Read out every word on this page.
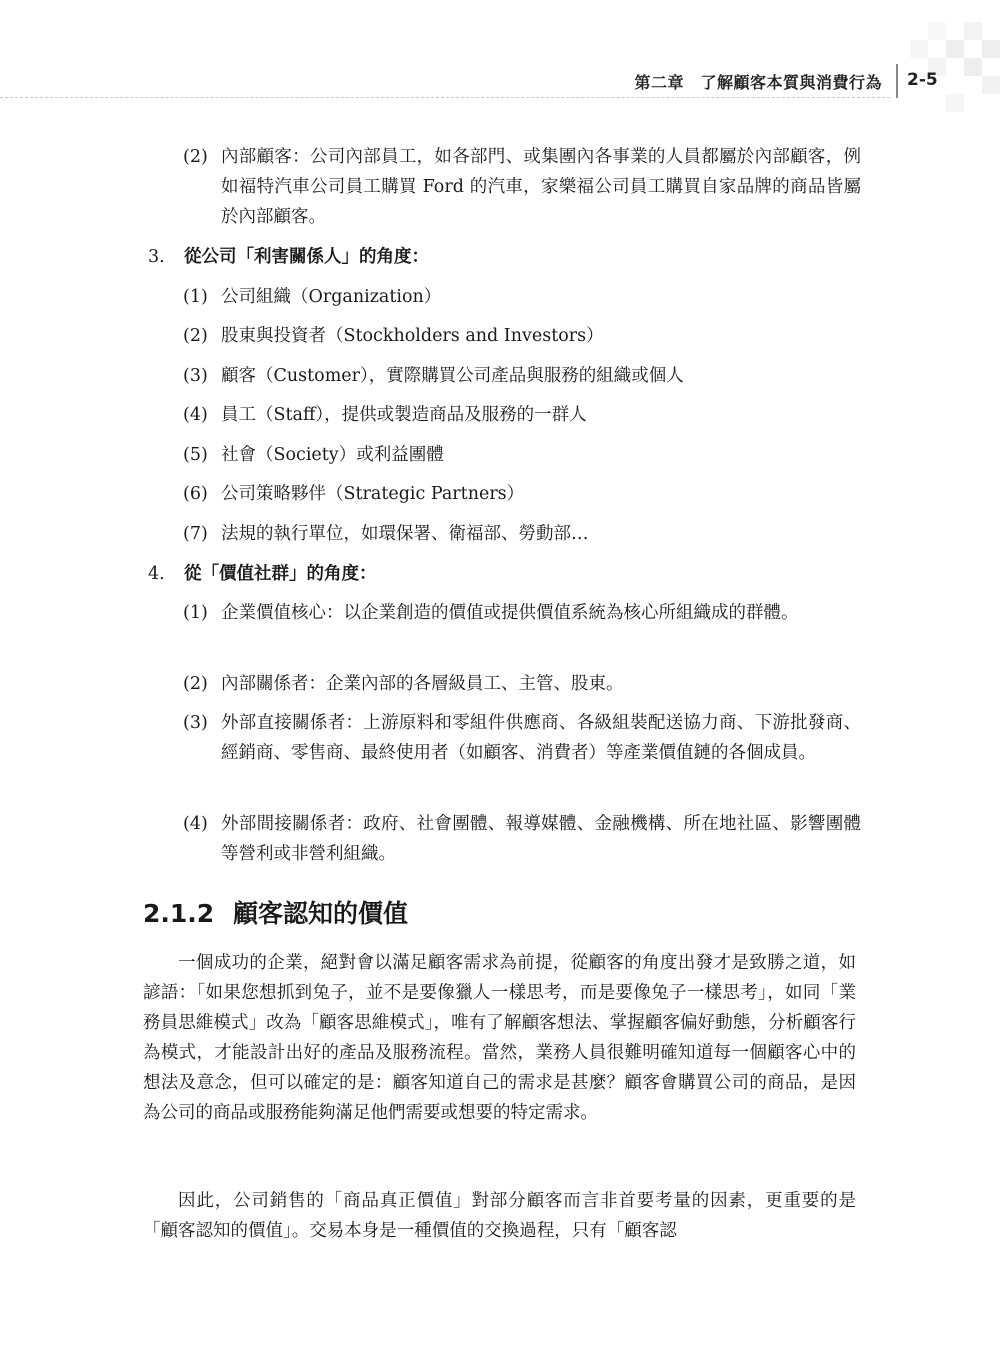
第二章　了解顧客本質與消費行為 2-5

(2) 內部顧客：公司內部員工，如各部門、或集團內各事業的人員都屬於內部顧客，例如福特汽車公司員工購買 Ford 的汽車，家樂福公司員工購買自家品牌的商品皆屬於內部顧客。

3. 從公司「利害關係人」的角度：

(1) 公司組織（Organization）
(2) 股東與投資者（Stockholders and Investors）
(3) 顧客（Customer），實際購買公司產品與服務的組織或個人
(4) 員工（Staff），提供或製造商品及服務的一群人
(5) 社會（Society）或利益團體
(6) 公司策略夥伴（Strategic Partners）
(7) 法規的執行單位，如環保署、衛福部、勞動部…

4. 從「價值社群」的角度：

(1) 企業價值核心：以企業創造的價值或提供價值系統為核心所組織成的群體。
(2) 內部關係者：企業內部的各層級員工、主管、股東。
(3) 外部直接關係者：上游原料和零組件供應商、各級組裝配送協力商、下游批發商、經銷商、零售商、最終使用者（如顧客、消費者）等產業價值鏈的各個成員。
(4) 外部間接關係者：政府、社會團體、報導媒體、金融機構、所在地社區、影響團體等營利或非營利組織。
2.1.2 顧客認知的價值

一個成功的企業，絕對會以滿足顧客需求為前提，從顧客的角度出發才是致勝之道，如諺語：「如果您想抓到兔子，並不是要像獵人一樣思考，而是要像兔子一樣思考」，如同「業務員思維模式」改為「顧客思維模式」，唯有了解顧客想法、掌握顧客偏好動態，分析顧客行為模式，才能設計出好的產品及服務流程。當然，業務人員很難明確知道每一個顧客心中的想法及意念，但可以確定的是：顧客知道自己的需求是甚麼？顧客會購買公司的商品，是因為公司的商品或服務能夠滿足他們需要或想要的特定需求。

因此，公司銷售的「商品真正價值」對部分顧客而言非首要考量的因素，更重要的是「顧客認知的價值」。交易本身是一種價值的交換過程，只有「顧客認
